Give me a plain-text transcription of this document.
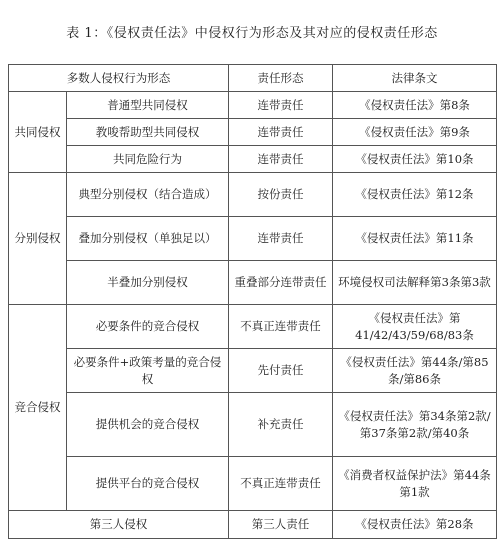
表 1：《侵权责任法》中侵权行为形态及其对应的侵权责任形态
多数人侵权行为形态		责任形态	法律条文
共同侵权	普通型共同侵权	连带责任	《侵权责任法》第8条
	教唆帮助型共同侵权	连带责任	《侵权责任法》第9条
	共同危险行为	连带责任	《侵权责任法》第10条
分别侵权	典型分别侵权（结合造成）	按份责任	《侵权责任法》第12条
	叠加分别侵权（单独足以）	连带责任	《侵权责任法》第11条
	半叠加分别侵权	重叠部分连带责任	环境侵权司法解释第3条第3款
竞合侵权	必要条件的竞合侵权	不真正连带责任	《侵权责任法》第41/42/43/59/68/83条
	必要条件+政策考量的竞合侵权	先付责任	《侵权责任法》第44条/第85条/第86条
	提供机会的竞合侵权	补充责任	《侵权责任法》第34条第2款/第37条第2款/第40条
	提供平台的竞合侵权	不真正连带责任	《消费者权益保护法》第44条第1款
第三人侵权		第三人责任	《侵权责任法》第28条
